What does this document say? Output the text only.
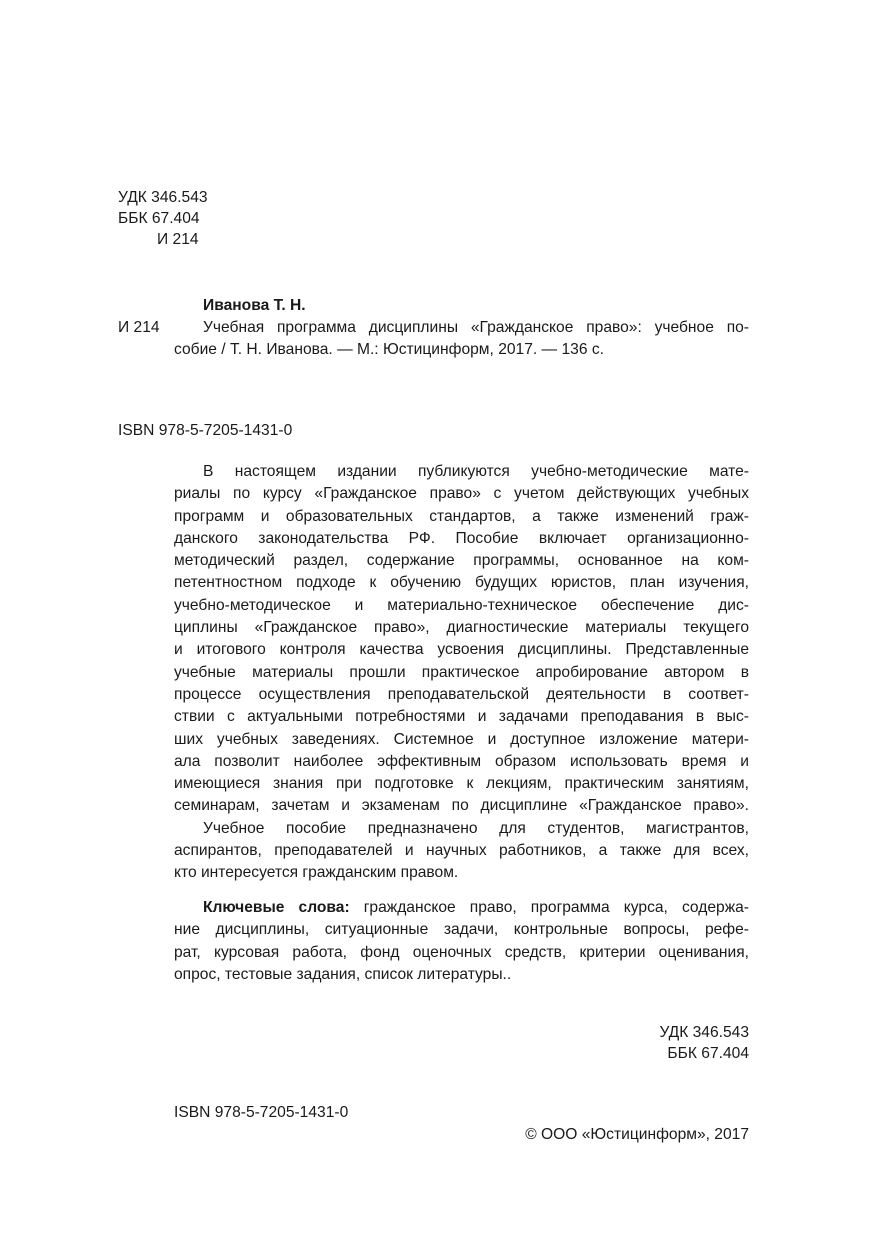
УДК 346.543
ББК 67.404
И 214
Иванова Т. Н.
И 214	Учебная программа дисциплины «Гражданское право»: учебное по-
собие / Т. Н. Иванова. — М.: Юстицинформ, 2017. — 136 с.
ISBN 978-5-7205-1431-0
В настоящем издании публикуются учебно-методические мате-
риалы по курсу «Гражданское право» с учетом действующих учебных
программ и образовательных стандартов, а также изменений граж-
данского законодательства РФ. Пособие включает организационно-
методический раздел, содержание программы, основанное на ком-
петентностном подходе к обучению будущих юристов, план изучения,
учебно-методическое и материально-техническое обеспечение дис-
циплины «Гражданское право», диагностические материалы текущего
и итогового контроля качества усвоения дисциплины. Представленные
учебные материалы прошли практическое апробирование автором в
процессе осуществления преподавательской деятельности в соответ-
ствии с актуальными потребностями и задачами преподавания в выс-
ших учебных заведениях. Системное и доступное изложение матери-
ала позволит наиболее эффективным образом использовать время и
имеющиеся знания при подготовке к лекциям, практическим занятиям,
семинарам, зачетам и экзаменам по дисциплине «Гражданское право».
Учебное пособие предназначено для студентов, магистрантов,
аспирантов, преподавателей и научных работников, а также для всех,
кто интересуется гражданским правом.
Ключевые слова: гражданское право, программа курса, содержа-
ние дисциплины, ситуационные задачи, контрольные вопросы, рефе-
рат, курсовая работа, фонд оценочных средств, критерии оценивания,
опрос, тестовые задания, список литературы..
УДК 346.543
ББК 67.404
ISBN 978-5-7205-1431-0
© ООО «Юстицинформ», 2017
